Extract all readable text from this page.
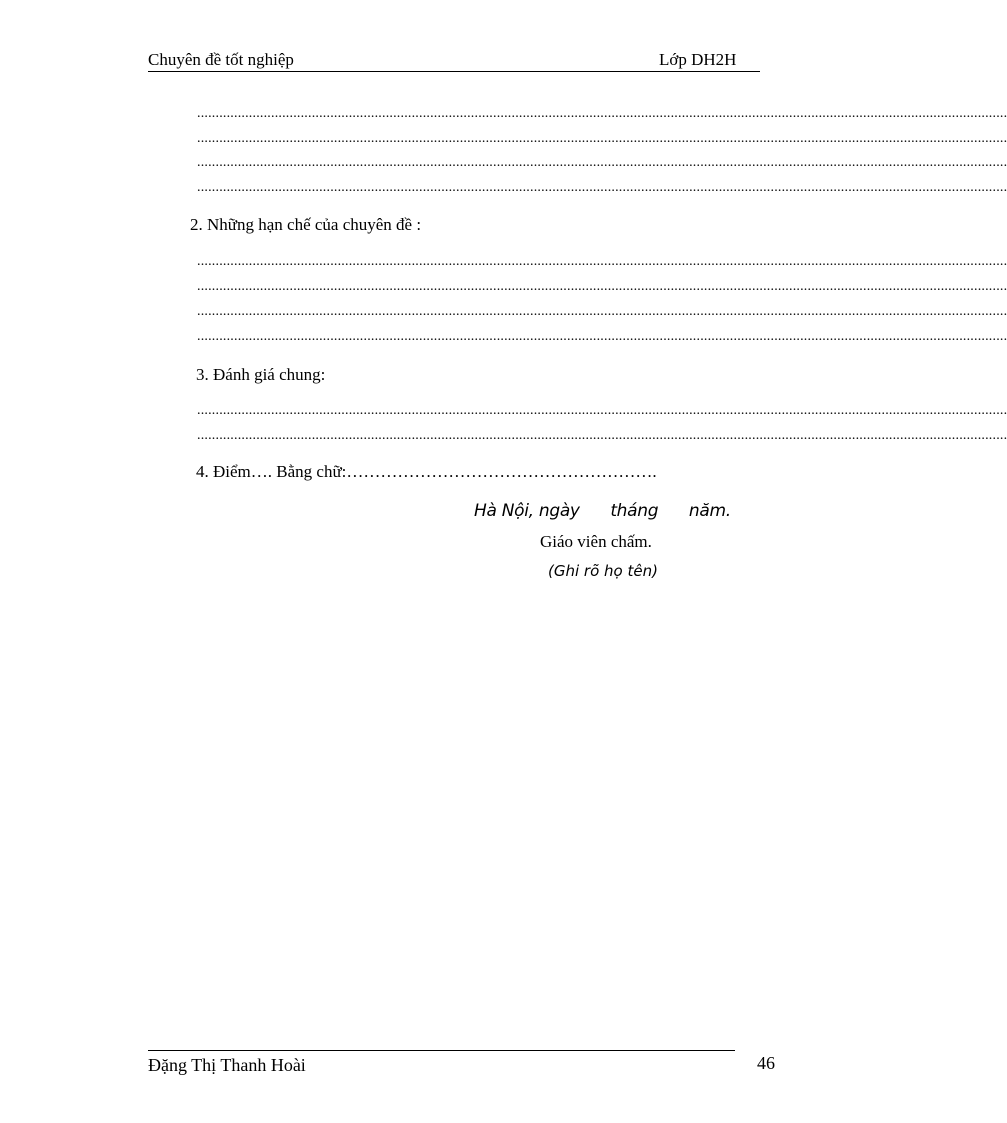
Chuyên đề tốt nghiệp	Lớp DH2H
...........................................................................................................................................................................................................................
...........................................................................................................................................................................................................................
...........................................................................................................................................................................................................................
...........................................................................................................................................................................................................................
2. Những hạn chế của chuyên đề :
...........................................................................................................................................................................................................................
...........................................................................................................................................................................................................................
...........................................................................................................................................................................................................................
...........................................................................................................................................................................................................................
3. Đánh giá chung:
...........................................................................................................................................................................................................................
...........................................................................................................................................................................................................................
4. Điểm…. Bằng chữ:……………………………………………….
Hà Nội, ngày      tháng      năm.
Giáo viên chấm.
(Ghi rõ họ tên)
Đặng Thị Thanh Hoài	46
